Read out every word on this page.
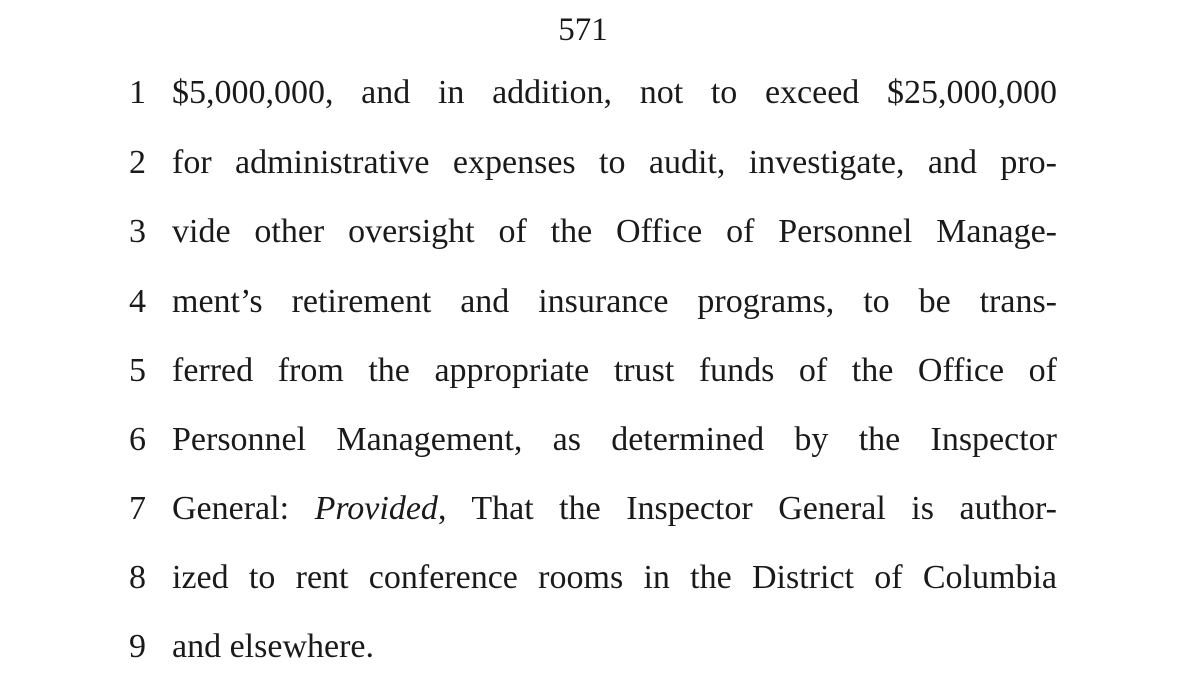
571
1 $5,000,000, and in addition, not to exceed $25,000,000
2 for administrative expenses to audit, investigate, and pro-
3 vide other oversight of the Office of Personnel Manage-
4 ment’s retirement and insurance programs, to be trans-
5 ferred from the appropriate trust funds of the Office of
6 Personnel Management, as determined by the Inspector
7 General: Provided, That the Inspector General is author-
8 ized to rent conference rooms in the District of Columbia
9 and elsewhere.
